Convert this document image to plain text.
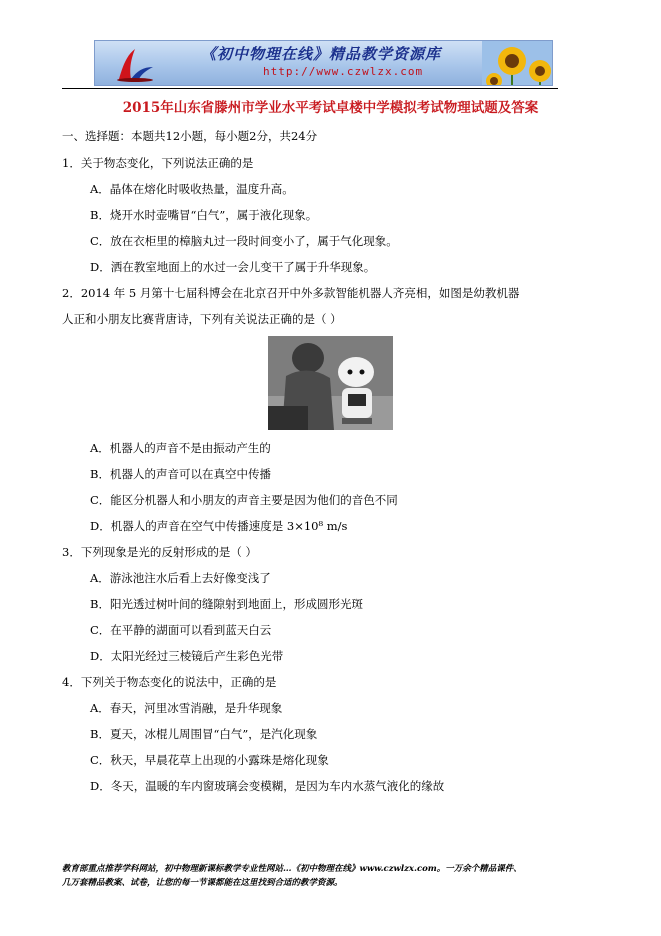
《初中物理在线》精品教学资源库
http://www.czwlzx.com
2015年山东省滕州市学业水平考试卓楼中学模拟考试物理试题及答案
一、选择题：本题共12小题，每小题2分，共24分
1．关于物态变化，下列说法正确的是
A．晶体在熔化时吸收热量，温度升高。
B．烧开水时壶嘴冒“白气”，属于液化现象。
C．放在衣柜里的樟脑丸过一段时间变小了，属于气化现象。
D．洒在教室地面上的水过一会儿变干了属于升华现象。
2．2014 年 5 月第十七届科博会在北京召开中外多款智能机器人齐亮相，如图是幼教机器
人正和小朋友比赛背唐诗，下列有关说法正确的是（ ）
A．机器人的声音不是由振动产生的
B．机器人的声音可以在真空中传播
C．能区分机器人和小朋友的声音主要是因为他们的音色不同
D．机器人的声音在空气中传播速度是 3×10⁸ m/s
3．下列现象是光的反射形成的是（ ）
A．游泳池注水后看上去好像变浅了
B．阳光透过树叶间的缝隙射到地面上，形成圆形光斑
C．在平静的湖面可以看到蓝天白云
D．太阳光经过三棱镜后产生彩色光带
4．下列关于物态变化的说法中，正确的是
A．春天，河里冰雪消融，是升华现象
B．夏天，冰棍儿周围冒“白气”，是汽化现象
C．秋天，早晨花草上出现的小露珠是熔化现象
D．冬天，温暖的车内窗玻璃会变模糊，是因为车内水蒸气液化的缘故
教育部重点推荐学科网站，初中物理新课标教学专业性网站…《初中物理在线》www.czwlzx.com。一万余个精品课件、
几万套精品教案、试卷，让您的每一节课都能在这里找到合适的教学资源。
